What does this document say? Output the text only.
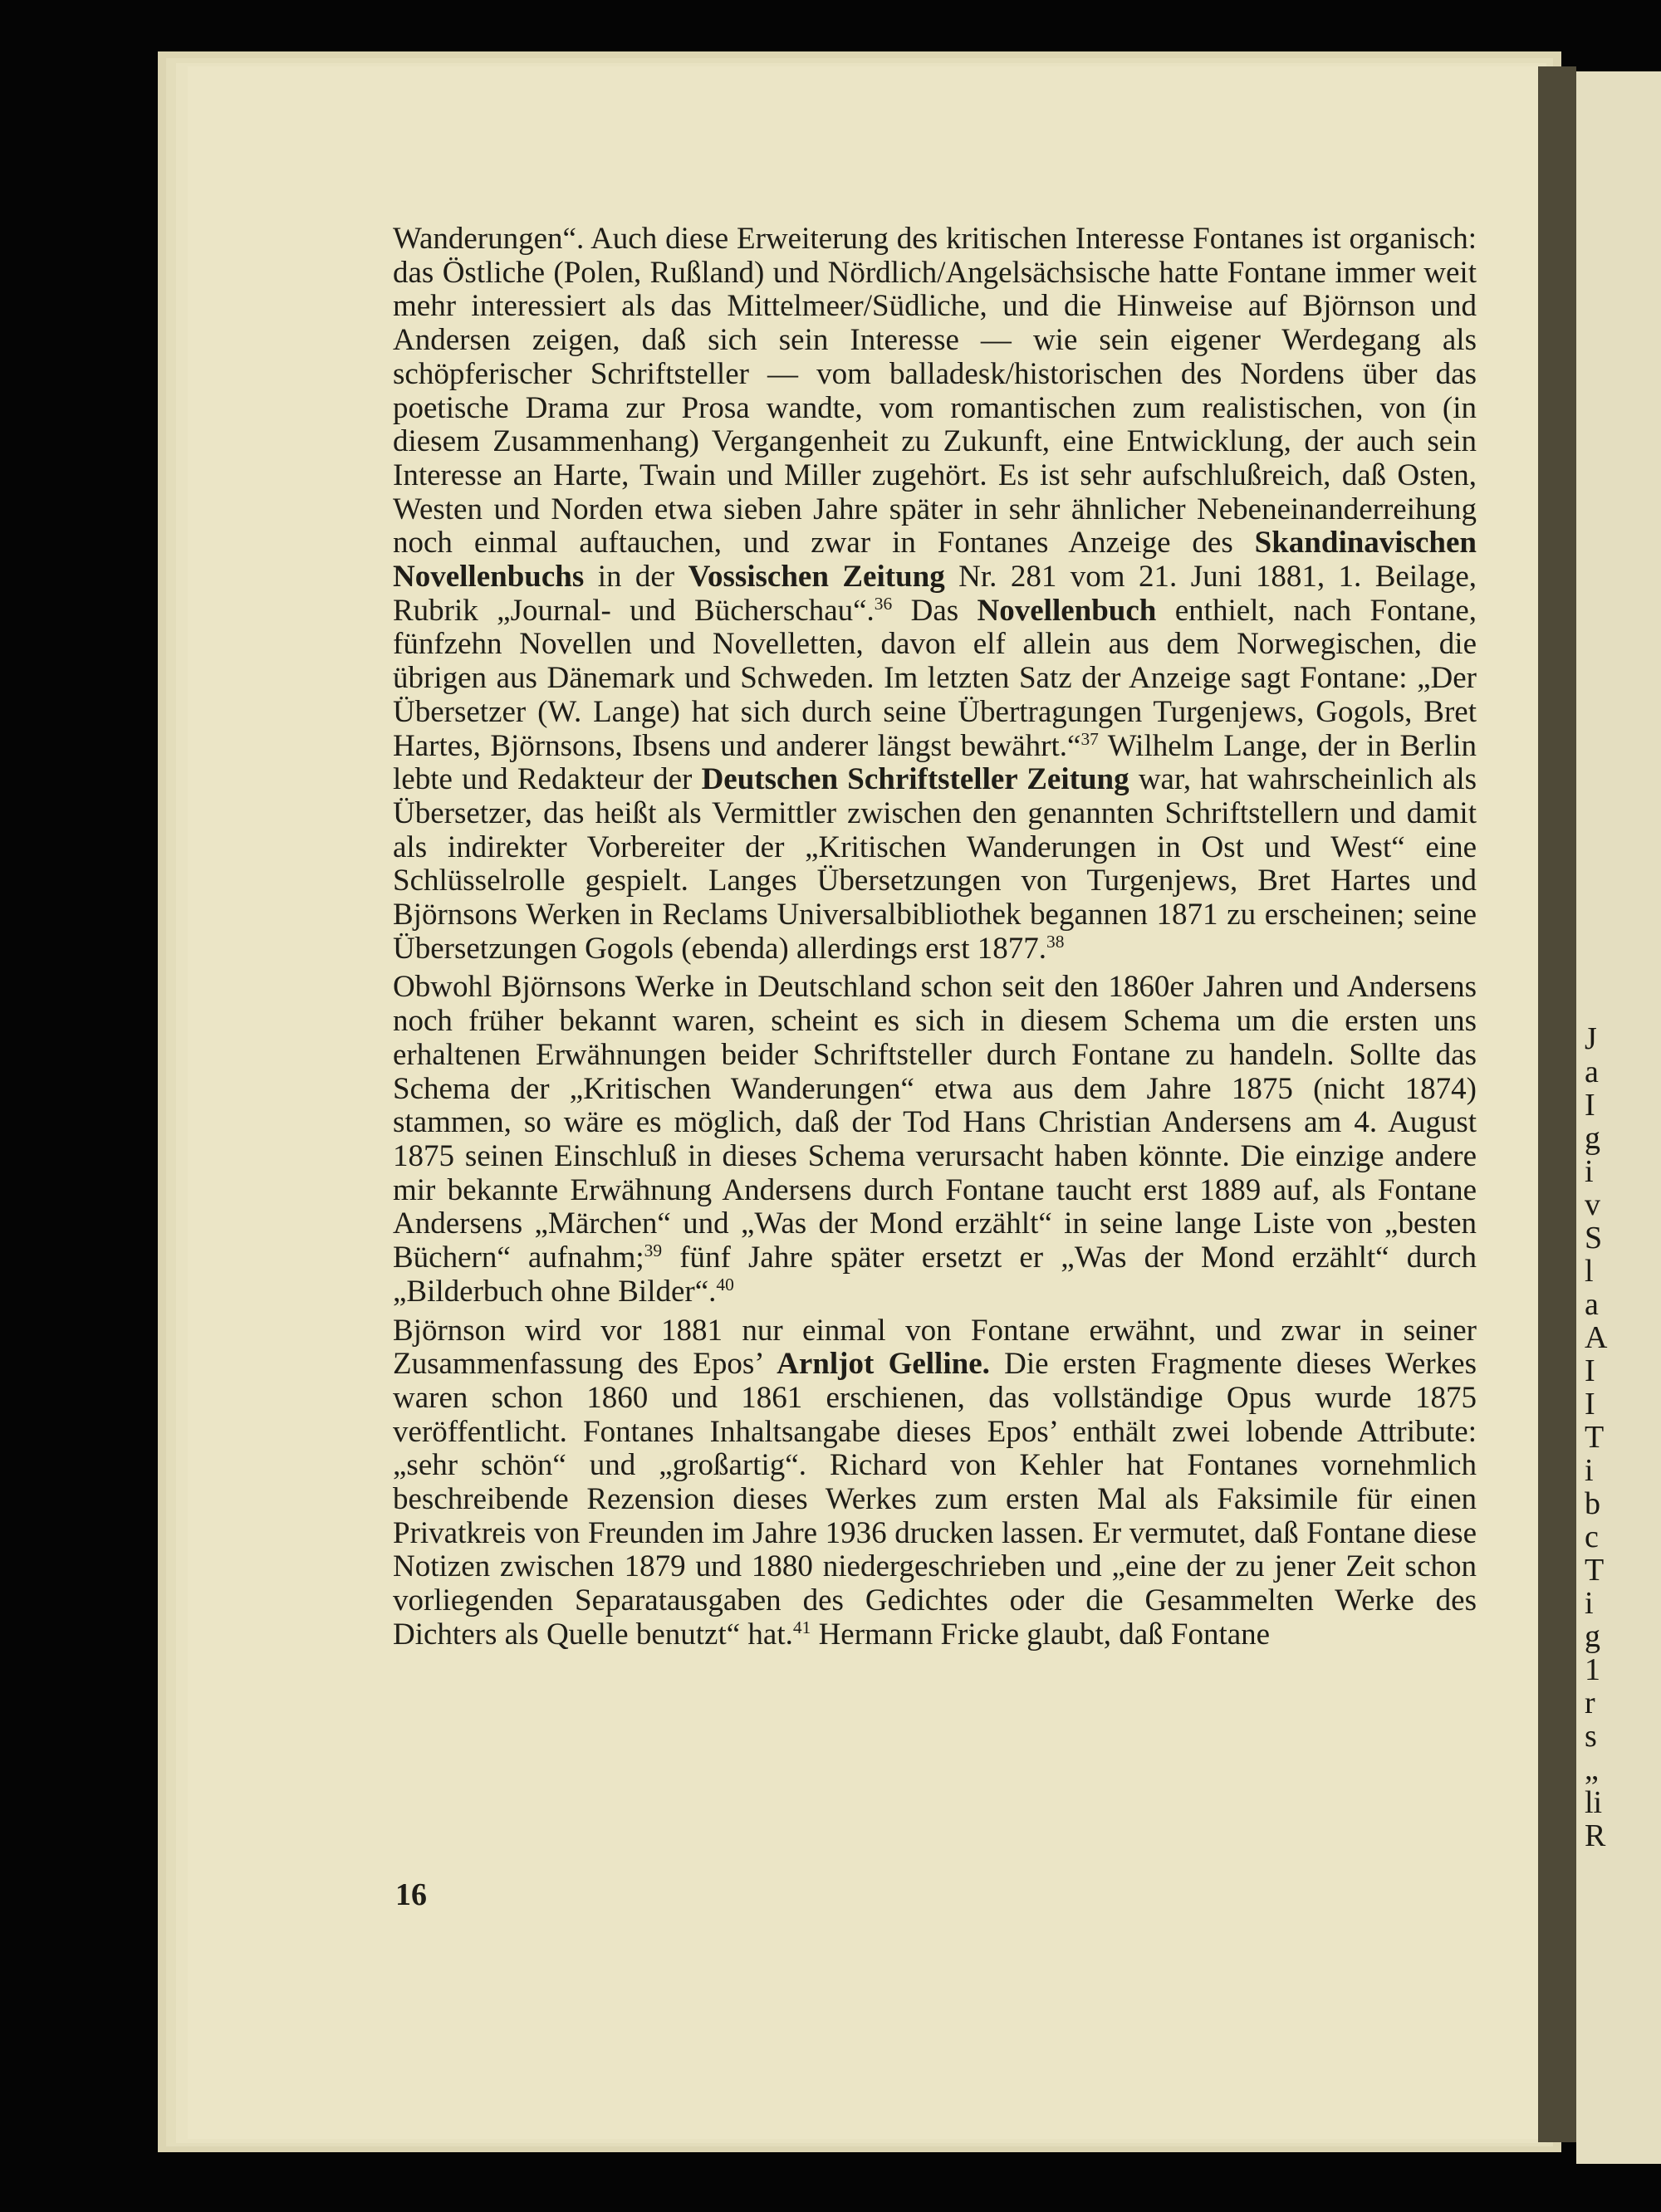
J
a
I
g
i
v
S
l
a
A
I
I
T
i
b
c
T
i
g
1
r
s
„
li
R

Wanderungen“. Auch diese Erweiterung des kritischen Interesse Fontanes ist organisch: das Östliche (Polen, Rußland) und Nördlich/Angelsächsische hatte Fontane immer weit mehr interessiert als das Mittelmeer/Südliche, und die Hinweise auf Björnson und Andersen zeigen, daß sich sein Interesse — wie sein eigener Werdegang als schöpferischer Schriftsteller — vom balladesk/historischen des Nordens über das poetische Drama zur Prosa wandte, vom romantischen zum realistischen, von (in diesem Zusammenhang) Vergangenheit zu Zukunft, eine Entwicklung, der auch sein Interesse an Harte, Twain und Miller zugehört. Es ist sehr aufschlußreich, daß Osten, Westen und Norden etwa sieben Jahre später in sehr ähnlicher Nebeneinanderreihung noch einmal auftauchen, und zwar in Fontanes Anzeige des Skandinavischen Novellenbuchs in der Vossischen Zeitung Nr. 281 vom 21. Juni 1881, 1. Beilage, Rubrik „Journal- und Bücherschau“.$^{36}$ Das Novellenbuch enthielt, nach Fontane, fünfzehn Novellen und Novelletten, davon elf allein aus dem Norwegischen, die übrigen aus Dänemark und Schweden. Im letzten Satz der Anzeige sagt Fontane: „Der Übersetzer (W. Lange) hat sich durch seine Übertragungen Turgenjews, Gogols, Bret Hartes, Björnsons, Ibsens und anderer längst bewährt.“$^{37}$ Wilhelm Lange, der in Berlin lebte und Redakteur der Deutschen Schriftsteller Zeitung war, hat wahrscheinlich als Übersetzer, das heißt als Vermittler zwischen den genannten Schriftstellern und damit als indirekter Vorbereiter der „Kritischen Wanderungen in Ost und West“ eine Schlüsselrolle gespielt. Langes Übersetzungen von Turgenjews, Bret Hartes und Björnsons Werken in Reclams Universalbibliothek begannen 1871 zu erscheinen; seine Übersetzungen Gogols (ebenda) allerdings erst 1877.38

Obwohl Björnsons Werke in Deutschland schon seit den 1860er Jahren und Andersens noch früher bekannt waren, scheint es sich in diesem Schema um die ersten uns erhaltenen Erwähnungen beider Schriftsteller durch Fontane zu handeln. Sollte das Schema der „Kritischen Wanderungen“ etwa aus dem Jahre 1875 (nicht 1874) stammen, so wäre es möglich, daß der Tod Hans Christian Andersens am 4. August 1875 seinen Einschluß in dieses Schema verursacht haben könnte. Die einzige andere mir bekannte Erwähnung Andersens durch Fontane taucht erst 1889 auf, als Fontane Andersens „Märchen“ und „Was der Mond erzählt“ in seine lange Liste von „besten Büchern“ aufnahm;$^{39}$ fünf Jahre später ersetzt er „Was der Mond erzählt“ durch „Bilderbuch ohne Bilder“.$^{40}$

Björnson wird vor 1881 nur einmal von Fontane erwähnt, und zwar in seiner Zusammenfassung des Epos’ Arnljot Gelline. Die ersten Fragmente dieses Werkes waren schon 1860 und 1861 erschienen, das vollständige Opus wurde 1875 veröffentlicht. Fontanes Inhaltsangabe dieses Epos’ enthält zwei lobende Attribute: „sehr schön“ und „großartig“. Richard von Kehler hat Fontanes vornehmlich beschreibende Rezension dieses Werkes zum ersten Mal als Faksimile für einen Privatkreis von Freunden im Jahre 1936 drucken lassen. Er vermutet, daß Fontane diese Notizen zwischen 1879 und 1880 niedergeschrieben und „eine der zu jener Zeit schon vorliegenden Separatausgaben des Gedichtes oder die Gesammelten Werke des Dichters als Quelle benutzt“ hat.$^{41}$ Hermann Fricke glaubt, daß Fontane

16
